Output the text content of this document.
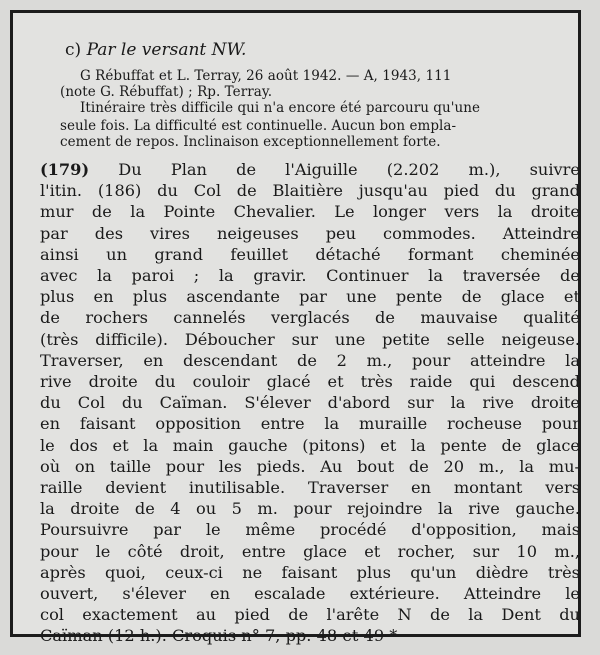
c) Par le versant NW.
G Rébuffat et L. Terray, 26 août 1942. — A, 1943, 111
(note G. Rébuffat) ; Rp. Terray.
Itinéraire très difficile qui n'a encore été parcouru qu'une
seule fois. La difficulté est continuelle. Aucun bon empla-
cement de repos. Inclinaison exceptionnellement forte.
(179) Du Plan de l'Aiguille (2.202 m.), suivre
l'itin. (186) du Col de Blaitière jusqu'au pied du grand
mur de la Pointe Chevalier. Le longer vers la droite
par des vires neigeuses peu commodes. Atteindre
ainsi un grand feuillet détaché formant cheminée
avec la paroi ; la gravir. Continuer la traversée de
plus en plus ascendante par une pente de glace et
de rochers cannelés verglacés de mauvaise qualité
(très difficile). Déboucher sur une petite selle neigeuse.
Traverser, en descendant de 2 m., pour atteindre la
rive droite du couloir glacé et très raide qui descend
du Col du Caïman. S'élever d'abord sur la rive droite
en faisant opposition entre la muraille rocheuse pour
le dos et la main gauche (pitons) et la pente de glace
où on taille pour les pieds. Au bout de 20 m., la mu-
raille devient inutilisable. Traverser en montant vers
la droite de 4 ou 5 m. pour rejoindre la rive gauche.
Poursuivre par le même procédé d'opposition, mais
pour le côté droit, entre glace et rocher, sur 10 m.,
après quoi, ceux-ci ne faisant plus qu'un dièdre très
ouvert, s'élever en escalade extérieure. Atteindre le
col exactement au pied de l'arête N de la Dent du
Caïman (12 h.). Croquis n° 7, pp. 48 et 49 *
